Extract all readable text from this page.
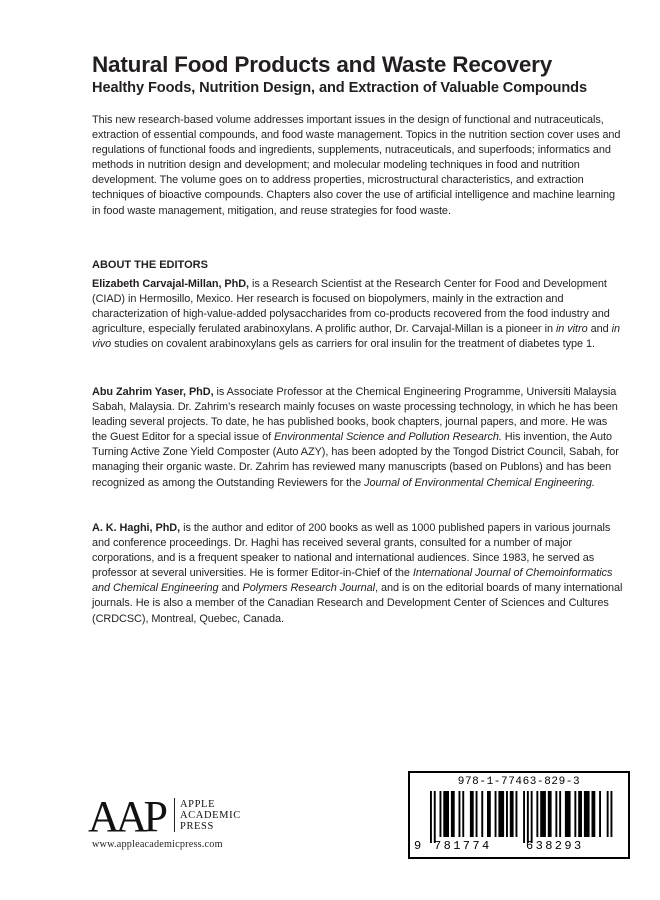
Natural Food Products and Waste Recovery
Healthy Foods, Nutrition Design, and Extraction of Valuable Compounds

This new research-based volume addresses important issues in the design of functional and nutraceuticals, extraction of essential compounds, and food waste management. Topics in the nutrition section cover uses and regulations of functional foods and ingredients, supplements, nutraceuticals, and superfoods; informatics and methods in nutrition design and development; and molecular modeling techniques in food and nutrition development. The volume goes on to address properties, microstructural characteristics, and extraction techniques of bioactive compounds. Chapters also cover the use of artificial intelligence and machine learning in food waste management, mitigation, and reuse strategies for food waste.

ABOUT THE EDITORS

Elizabeth Carvajal-Millan, PhD, is a Research Scientist at the Research Center for Food and Development (CIAD) in Hermosillo, Mexico. Her research is focused on biopolymers, mainly in the extraction and characterization of high-value-added polysaccharides from co-products recovered from the food industry and agriculture, especially ferulated arabinoxylans. A prolific author, Dr. Carvajal-Millan is a pioneer in in vitro and in vivo studies on covalent arabinoxylans gels as carriers for oral insulin for the treatment of diabetes type 1.

Abu Zahrim Yaser, PhD, is Associate Professor at the Chemical Engineering Programme, Universiti Malaysia Sabah, Malaysia. Dr. Zahrim’s research mainly focuses on waste processing technology, in which he has been leading several projects. To date, he has published books, book chapters, journal papers, and more. He was the Guest Editor for a special issue of Environmental Science and Pollution Research. His invention, the Auto Turning Active Zone Yield Composter (Auto AZY), has been adopted by the Tongod District Council, Sabah, for managing their organic waste. Dr. Zahrim has reviewed many manuscripts (based on Publons) and has been recognized as among the Outstanding Reviewers for the Journal of Environmental Chemical Engineering.

A. K. Haghi, PhD, is the author and editor of 200 books as well as 1000 published papers in various journals and conference proceedings. Dr. Haghi has received several grants, consulted for a number of major corporations, and is a frequent speaker to national and international audiences. Since 1983, he served as professor at several universities. He is former Editor-in-Chief of the International Journal of Chemoinformatics and Chemical Engineering and Polymers Research Journal, and is on the editorial boards of many international journals. He is also a member of the Canadian Research and Development Center of Sciences and Cultures (CRDCSC), Montreal, Quebec, Canada.

AAP APPLE
ACADEMIC
PRESS
www.appleacademicpress.com
978-1-77463-829-3
9 781774	638293
